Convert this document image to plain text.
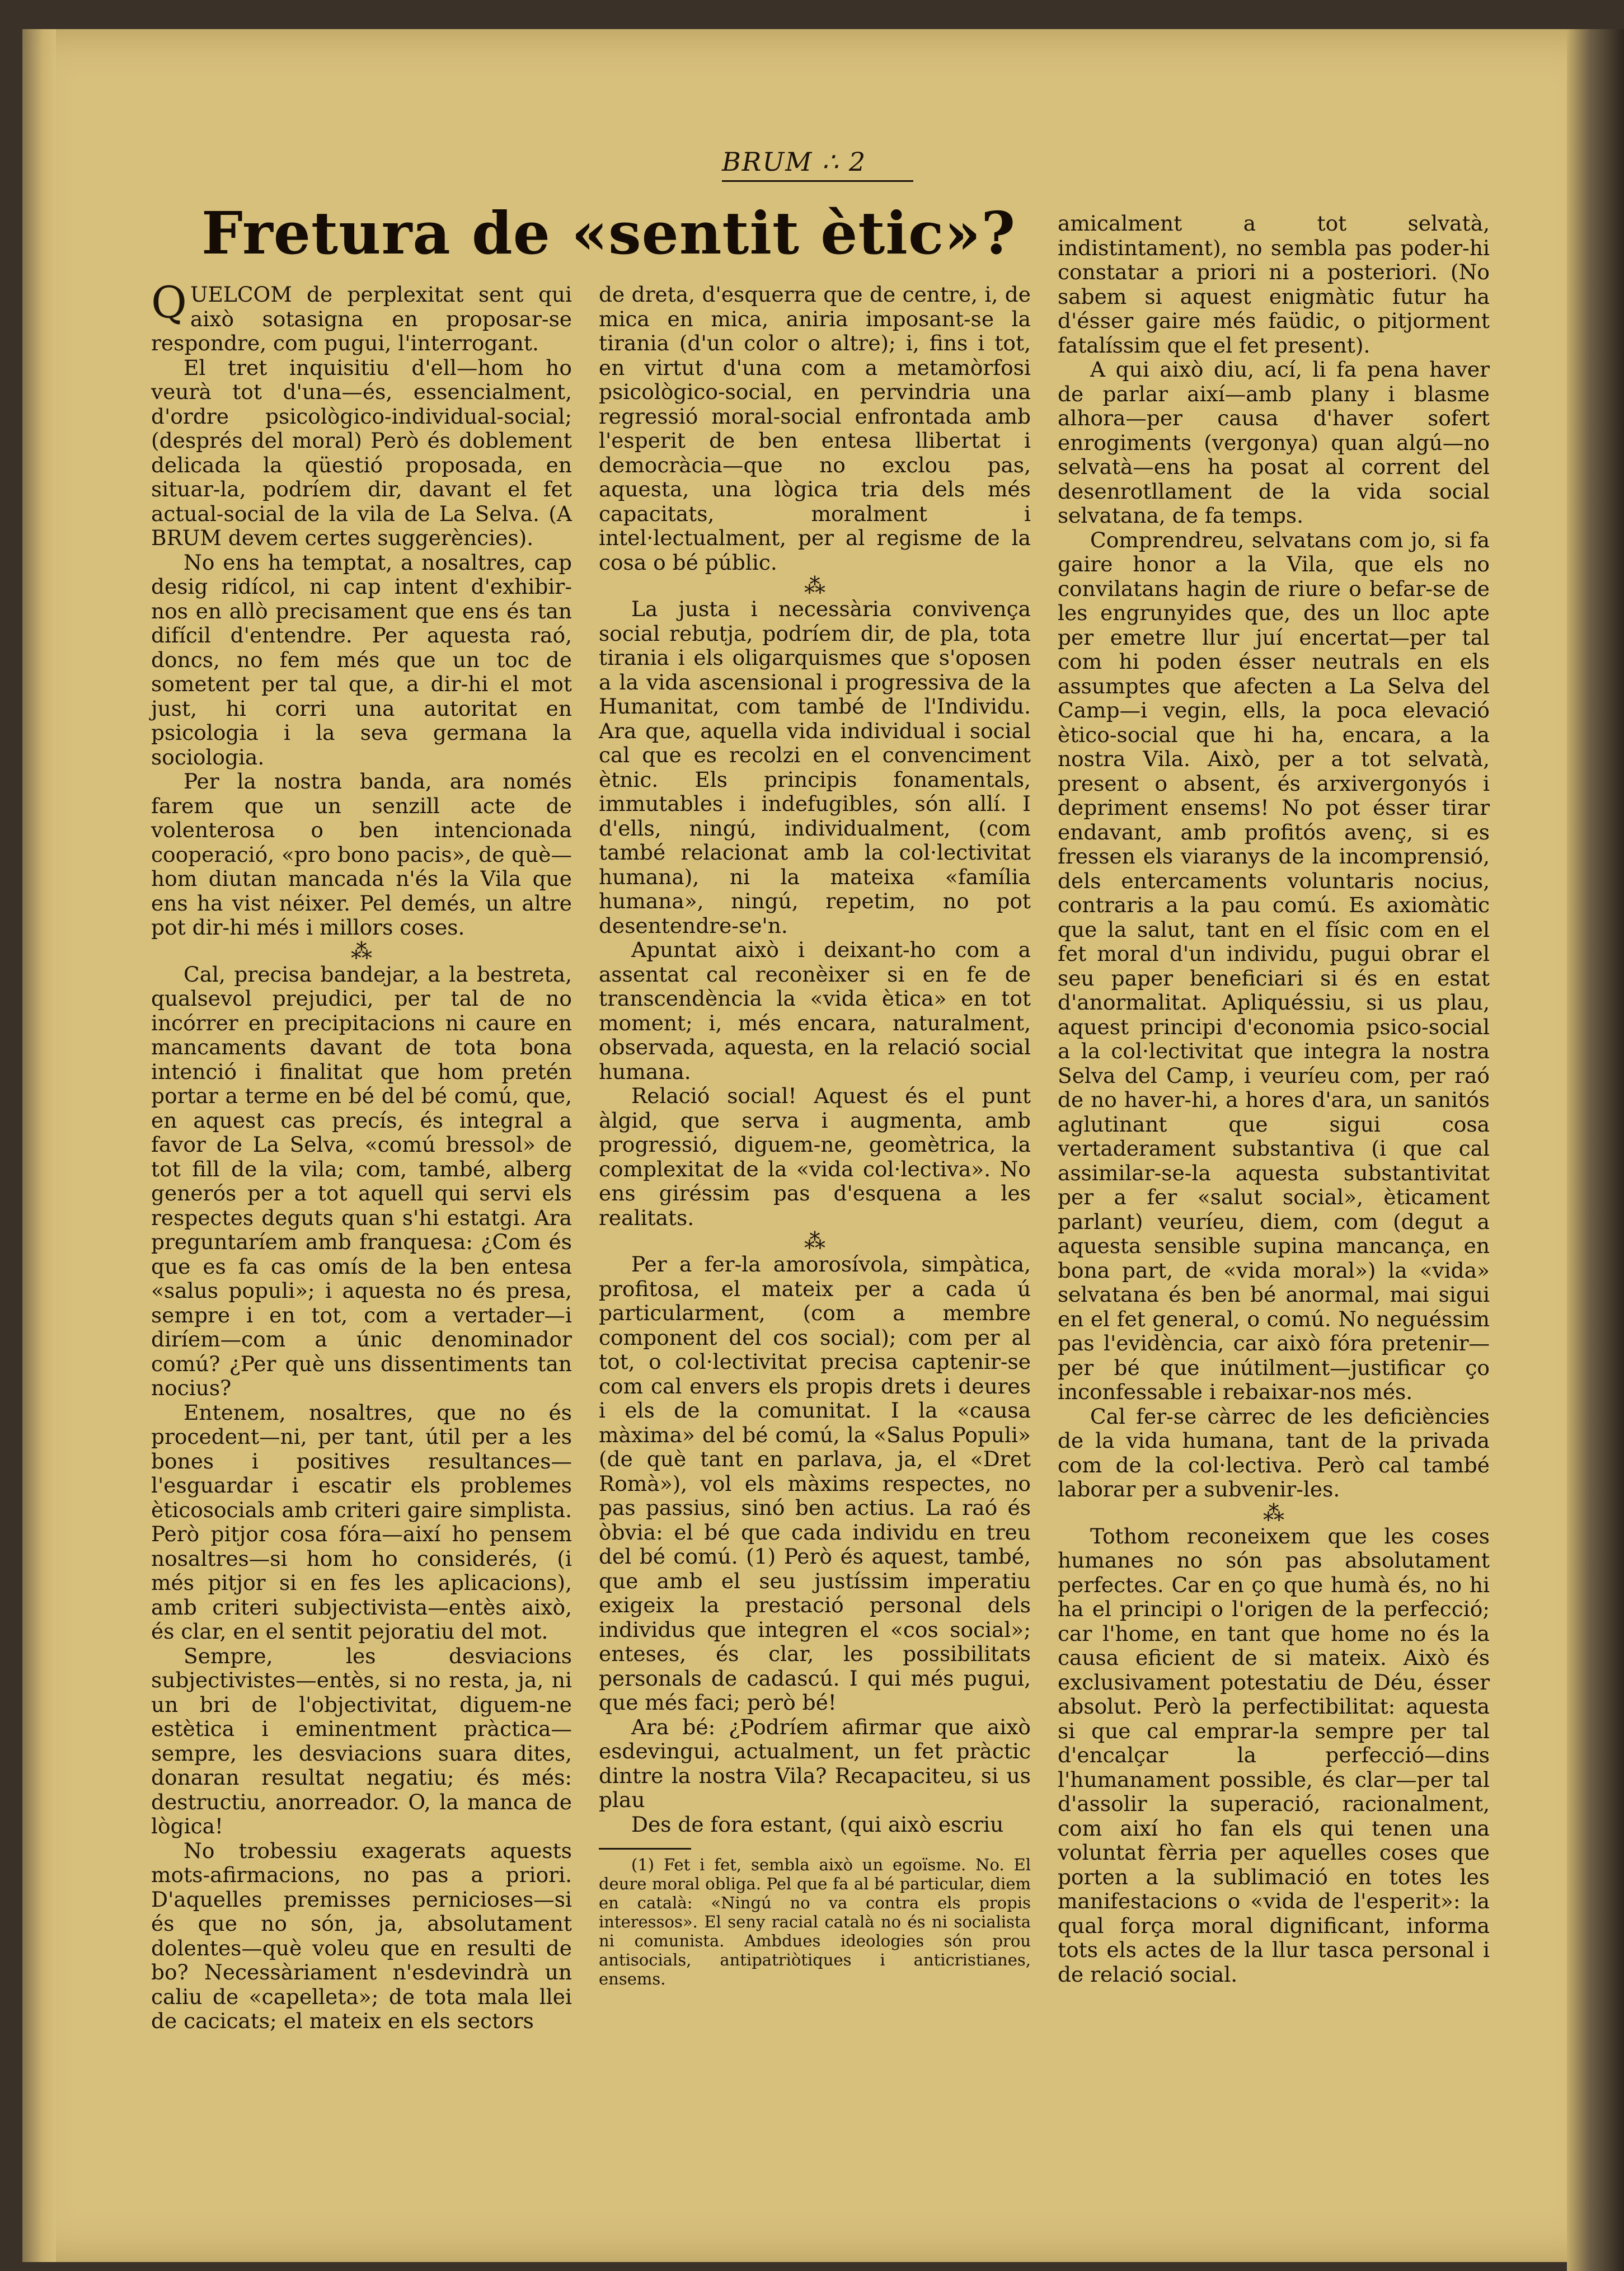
BRUM ∴ 2
Fretura de «sentit ètic»?

QUELCOM de perplexitat sent qui això sotasigna en proposar-se respondre, com pugui, l'interrogant.

El tret inquisitiu d'ell—hom ho veurà tot d'una—és, essencialment, d'ordre psicològico-individual-social; (després del moral) Però és doblement delicada la qüestió proposada, en situar-la, podríem dir, davant el fet actual-social de la vila de La Selva. (A BRUM devem certes suggerències).

No ens ha temptat, a nosaltres, cap desig ridícol, ni cap intent d'exhibir-nos en allò precisament que ens és tan difícil d'entendre. Per aquesta raó, doncs, no fem més que un toc de sometent per tal que, a dir-hi el mot just, hi corri una autoritat en psicologia i la seva germana la sociologia.

Per la nostra banda, ara només farem que un senzill acte de volenterosa o ben intencionada cooperació, «pro bono pacis», de què—hom diutan mancada n'és la Vila que ens ha vist néixer. Pel demés, un altre pot dir-hi més i millors coses.

⁂

Cal, precisa bandejar, a la bestreta, qualsevol prejudici, per tal de no incórrer en precipitacions ni caure en mancaments davant de tota bona intenció i finalitat que hom pretén portar a terme en bé del bé comú, que, en aquest cas precís, és integral a favor de La Selva, «comú bressol» de tot fill de la vila; com, també, alberg generós per a tot aquell qui servi els respectes deguts quan s'hi estatgi. Ara preguntaríem amb franquesa: ¿Com és que es fa cas omís de la ben entesa «salus populi»; i aquesta no és presa, sempre i en tot, com a vertader—i diríem—com a únic denominador comú? ¿Per què uns dissentiments tan nocius?

Entenem, nosaltres, que no és procedent—ni, per tant, útil per a les bones i positives resultances—l'esguardar i escatir els problemes èticosocials amb criteri gaire simplista. Però pitjor cosa fóra—així ho pensem nosaltres—si hom ho considerés, (i més pitjor si en fes les aplicacions), amb criteri subjectivista—entès això, és clar, en el sentit pejoratiu del mot.

Sempre, les desviacions subjectivistes—entès, si no resta, ja, ni un bri de l'objectivitat, diguem-ne estètica i eminentment pràctica—sempre, les desviacions suara dites, donaran resultat negatiu; és més: destructiu, anorreador. O, la manca de lògica!

No trobessiu exagerats aquests mots-afirmacions, no pas a priori. D'aquelles premisses pernicioses—si és que no són, ja, absolutament dolentes—què voleu que en resulti de bo? Necessàriament n'esdevindrà un caliu de «capelleta»; de tota mala llei de cacicats; el mateix en els sectors

de dreta, d'esquerra que de centre, i, de mica en mica, aniria imposant-se la tirania (d'un color o altre); i, fins i tot, en virtut d'una com a metamòrfosi psicològico-social, en pervindria una regressió moral-social enfrontada amb l'esperit de ben entesa llibertat i democràcia—que no exclou pas, aquesta, una lògica tria dels més capacitats, moralment i intel·lectualment, per al regisme de la cosa o bé públic.

⁂

La justa i necessària convivença social rebutja, podríem dir, de pla, tota tirania i els oligarquismes que s'oposen a la vida ascensional i progressiva de la Humanitat, com també de l'Individu. Ara que, aquella vida individual i social cal que es recolzi en el convenciment ètnic. Els principis fonamentals, immutables i indefugibles, són allí. I d'ells, ningú, individualment, (com també relacionat amb la col·lectivitat humana), ni la mateixa «família humana», ningú, repetim, no pot desentendre-se'n.

Apuntat això i deixant-ho com a assentat cal reconèixer si en fe de transcendència la «vida ètica» en tot moment; i, més encara, naturalment, observada, aquesta, en la relació social humana.

Relació social! Aquest és el punt àlgid, que serva i augmenta, amb progressió, diguem-ne, geomètrica, la complexitat de la «vida col·lectiva». No ens giréssim pas d'esquena a les realitats.

⁂

Per a fer-la amorosívola, simpàtica, profitosa, el mateix per a cada ú particularment, (com a membre component del cos social); com per al tot, o col·lectivitat precisa captenir-se com cal envers els propis drets i deures i els de la comunitat. I la «causa màxima» del bé comú, la «Salus Populi» (de què tant en parlava, ja, el «Dret Romà»), vol els màxims respectes, no pas passius, sinó ben actius. La raó és òbvia: el bé que cada individu en treu del bé comú. (1) Però és aquest, també, que amb el seu justíssim imperatiu exigeix la prestació personal dels individus que integren el «cos social»; enteses, és clar, les possibilitats personals de cadascú. I qui més pugui, que més faci; però bé!

Ara bé: ¿Podríem afirmar que això esdevingui, actualment, un fet pràctic dintre la nostra Vila? Recapaciteu, si us plau

Des de fora estant, (qui això escriu

(1) Fet i fet, sembla això un egoïsme. No. El deure moral obliga. Pel que fa al bé particular, diem en català: «Ningú no va contra els propis interessos». El seny racial català no és ni socialista ni comunista. Ambdues ideologies són prou antisocials, antipatriòtiques i anticristianes, ensems.

amicalment a tot selvatà, indistintament), no sembla pas poder-hi constatar a priori ni a posteriori. (No sabem si aquest enigmàtic futur ha d'ésser gaire més faüdic, o pitjorment fatalíssim que el fet present).

A qui això diu, ací, li fa pena haver de parlar així—amb plany i blasme alhora—per causa d'haver sofert enrogiments (vergonya) quan algú—no selvatà—ens ha posat al corrent del desenrotllament de la vida social selvatana, de fa temps.

Comprendreu, selvatans com jo, si fa gaire honor a la Vila, que els no convilatans hagin de riure o befar-se de les engrunyides que, des un lloc apte per emetre llur juí encertat—per tal com hi poden ésser neutrals en els assumptes que afecten a La Selva del Camp—i vegin, ells, la poca elevació ètico-social que hi ha, encara, a la nostra Vila. Això, per a tot selvatà, present o absent, és arxivergonyós i depriment ensems! No pot ésser tirar endavant, amb profitós avenç, si es fressen els viaranys de la incomprensió, dels entercaments voluntaris nocius, contraris a la pau comú. Es axiomàtic que la salut, tant en el físic com en el fet moral d'un individu, pugui obrar el seu paper beneficiari si és en estat d'anormalitat. Apliquéssiu, si us plau, aquest principi d'economia psico-social a la col·lectivitat que integra la nostra Selva del Camp, i veuríeu com, per raó de no haver-hi, a hores d'ara, un sanitós aglutinant que sigui cosa vertaderament substantiva (i que cal assimilar-se-la aquesta substantivitat per a fer «salut social», èticament parlant) veuríeu, diem, com (degut a aquesta sensible supina mancança, en bona part, de «vida moral») la «vida» selvatana és ben bé anormal, mai sigui en el fet general, o comú. No neguéssim pas l'evidència, car això fóra pretenir—per bé que inútilment—justificar ço inconfessable i rebaixar-nos més.

Cal fer-se càrrec de les deficiències de la vida humana, tant de la privada com de la col·lectiva. Però cal també laborar per a subvenir-les.

⁂

Tothom reconeixem que les coses humanes no són pas absolutament perfectes. Car en ço que humà és, no hi ha el principi o l'origen de la perfecció; car l'home, en tant que home no és la causa eficient de si mateix. Això és exclusivament potestatiu de Déu, ésser absolut. Però la perfectibilitat: aquesta si que cal emprar-la sempre per tal d'encalçar la perfecció—dins l'humanament possible, és clar—per tal d'assolir la superació, racionalment, com així ho fan els qui tenen una voluntat fèrria per aquelles coses que porten a la sublimació en totes les manifestacions o «vida de l'esperit»: la qual força moral dignificant, informa tots els actes de la llur tasca personal i de relació social.
